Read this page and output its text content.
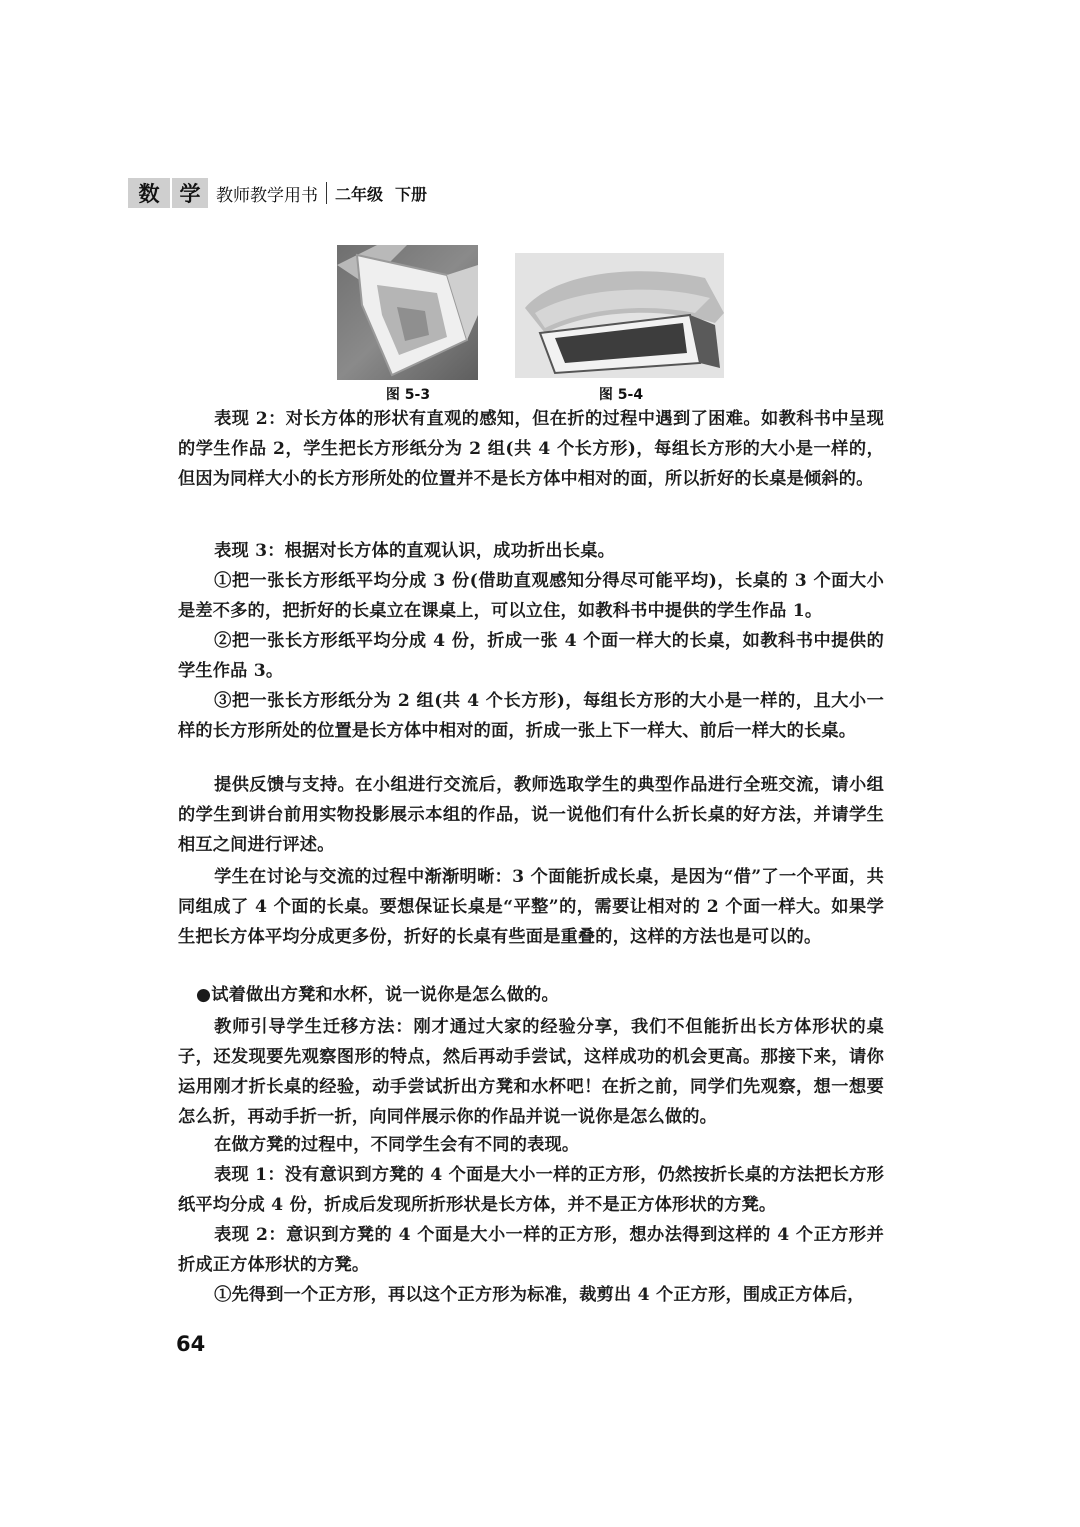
数 学 教师教学用书 二年级 下册
图 5-3	图 5-4

表现 2：对长方体的形状有直观的感知，但在折的过程中遇到了困难。如教科书中呈现的学生作品 2，学生把长方形纸分为 2 组(共 4 个长方形)，每组长方形的大小是一样的，但因为同样大小的长方形所处的位置并不是长方体中相对的面，所以折好的长桌是倾斜的。

表现 3：根据对长方体的直观认识，成功折出长桌。

①把一张长方形纸平均分成 3 份(借助直观感知分得尽可能平均)，长桌的 3 个面大小是差不多的，把折好的长桌立在课桌上，可以立住，如教科书中提供的学生作品 1。

②把一张长方形纸平均分成 4 份，折成一张 4 个面一样大的长桌，如教科书中提供的学生作品 3。

③把一张长方形纸分为 2 组(共 4 个长方形)，每组长方形的大小是一样的，且大小一样的长方形所处的位置是长方体中相对的面，折成一张上下一样大、前后一样大的长桌。

提供反馈与支持。在小组进行交流后，教师选取学生的典型作品进行全班交流，请小组的学生到讲台前用实物投影展示本组的作品，说一说他们有什么折长桌的好方法，并请学生相互之间进行评述。

学生在讨论与交流的过程中渐渐明晰：3 个面能折成长桌，是因为“借”了一个平面，共同组成了 4 个面的长桌。要想保证长桌是“平整”的，需要让相对的 2 个面一样大。如果学生把长方体平均分成更多份，折好的长桌有些面是重叠的，这样的方法也是可以的。

●试着做出方凳和水杯，说一说你是怎么做的。

教师引导学生迁移方法：刚才通过大家的经验分享，我们不但能折出长方体形状的桌子，还发现要先观察图形的特点，然后再动手尝试，这样成功的机会更高。那接下来，请你运用刚才折长桌的经验，动手尝试折出方凳和水杯吧！在折之前，同学们先观察，想一想要怎么折，再动手折一折，向同伴展示你的作品并说一说你是怎么做的。

在做方凳的过程中，不同学生会有不同的表现。

表现 1：没有意识到方凳的 4 个面是大小一样的正方形，仍然按折长桌的方法把长方形纸平均分成 4 份，折成后发现所折形状是长方体，并不是正方体形状的方凳。

表现 2：意识到方凳的 4 个面是大小一样的正方形，想办法得到这样的 4 个正方形并折成正方体形状的方凳。

①先得到一个正方形，再以这个正方形为标准，裁剪出 4 个正方形，围成正方体后，

64
